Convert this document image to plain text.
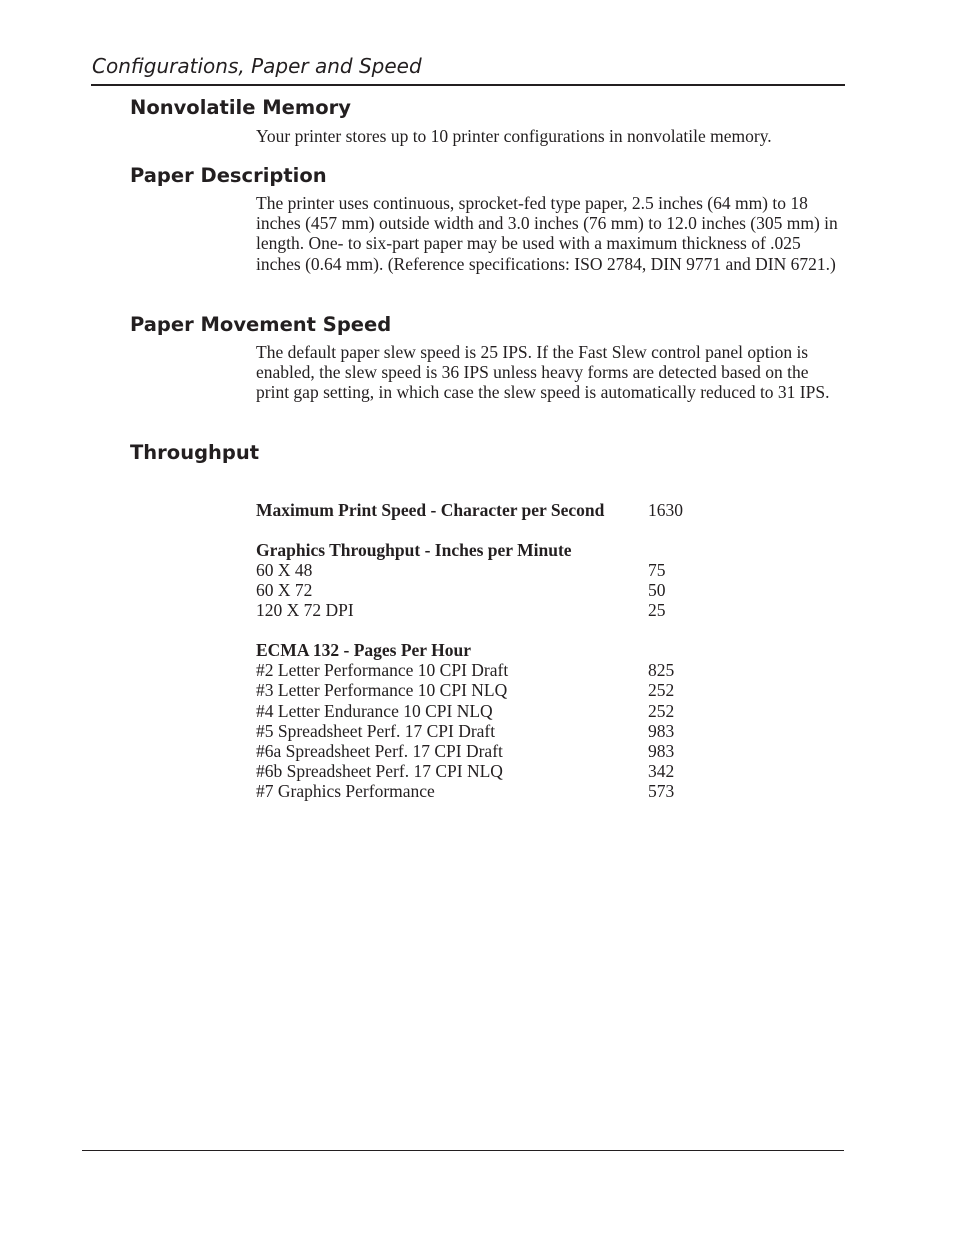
Configurations, Paper and Speed
Nonvolatile Memory

Your printer stores up to 10 printer configurations in nonvolatile memory.

Paper Description

The printer uses continuous, sprocket-fed type paper, 2.5 inches (64 mm) to 18 inches (457 mm) outside width and 3.0 inches (76 mm) to 12.0 inches (305 mm) in length. One- to six-part paper may be used with a maximum thickness of .025 inches (0.64 mm). (Reference specifications: ISO 2784, DIN 9771 and DIN 6721.)

Paper Movement Speed

The default paper slew speed is 25 IPS. If the Fast Slew control panel option is enabled, the slew speed is 36 IPS unless heavy forms are detected based on the print gap setting, in which case the slew speed is automatically reduced to 31 IPS.

Throughput
Maximum Print Speed - Character per Second 1630
Graphics Throughput - Inches per Minute
60 X 48	75
60 X 72	50
120 X 72 DPI	25
ECMA 132 - Pages Per Hour
#2 Letter Performance 10 CPI Draft	825
#3 Letter Performance 10 CPI NLQ	252
#4 Letter Endurance 10 CPI NLQ	252
#5 Spreadsheet Perf. 17 CPI Draft	983
#6a Spreadsheet Perf. 17 CPI Draft	983
#6b Spreadsheet Perf. 17 CPI NLQ	342
#7 Graphics Performance	573
